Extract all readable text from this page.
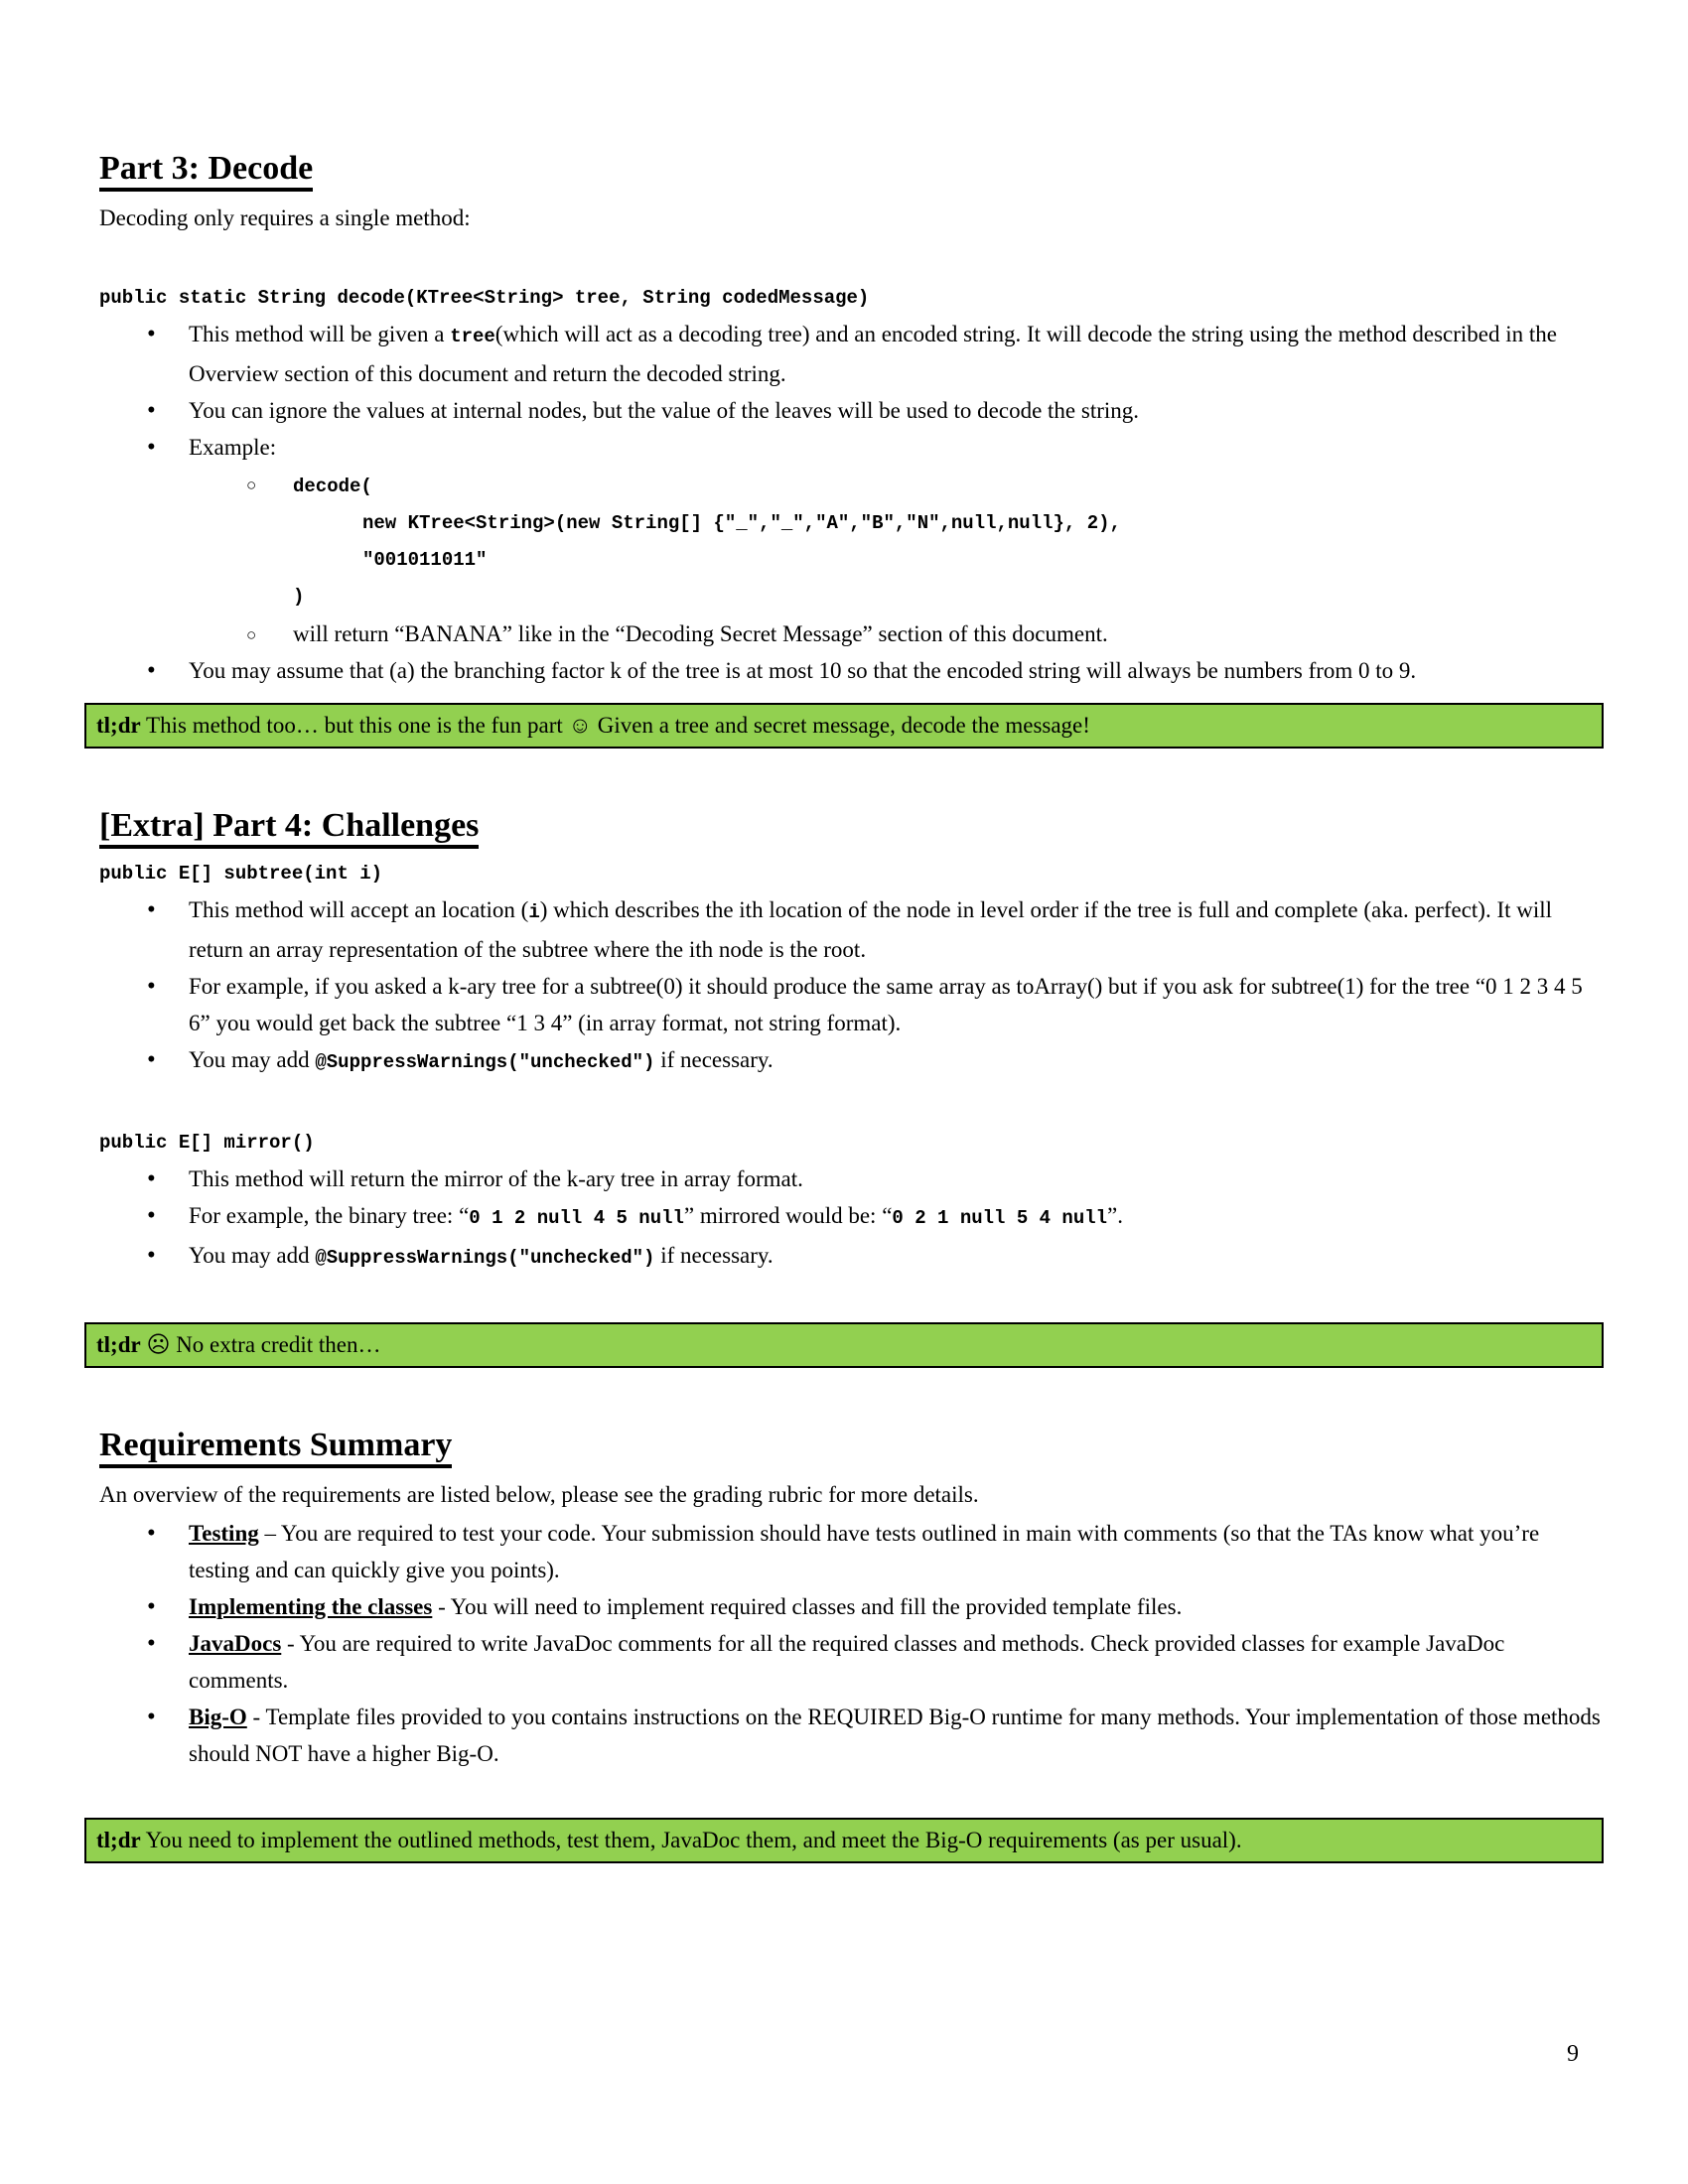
Part 3: Decode

Decoding only requires a single method:

public static String decode(KTree<String> tree, String codedMessage)
• This method will be given a tree(which will act as a decoding tree) and an encoded string. It will decode the string using the method described in the Overview section of this document and return the decoded string.
• You can ignore the values at internal nodes, but the value of the leaves will be used to decode the string.
• Example:
○ decode(
new KTree<String>(new String[] {"_","_","A","B","N",null,null}, 2),
"001011011"
)
○ will return “BANANA” like in the “Decoding Secret Message” section of this document.
• You may assume that (a) the branching factor k of the tree is at most 10 so that the encoded string will always be numbers from 0 to 9.
tl;dr This method too… but this one is the fun part ☺ Given a tree and secret message, decode the message!
[Extra] Part 4: Challenges
public E[] subtree(int i)
• This method will accept an location (i) which describes the ith location of the node in level order if the tree is full and complete (aka. perfect). It will return an array representation of the subtree where the ith node is the root.
• For example, if you asked a k-ary tree for a subtree(0) it should produce the same array as toArray() but if you ask for subtree(1) for the tree “0 1 2 3 4 5 6” you would get back the subtree “1 3 4” (in array format, not string format).
• You may add @SuppressWarnings("unchecked") if necessary.
public E[] mirror()
• This method will return the mirror of the k-ary tree in array format.
• For example, the binary tree: “0 1 2 null 4 5 null” mirrored would be: “0 2 1 null 5 4 null”.
• You may add @SuppressWarnings("unchecked") if necessary.
tl;dr ☹ No extra credit then…
Requirements Summary

An overview of the requirements are listed below, please see the grading rubric for more details.

• Testing – You are required to test your code. Your submission should have tests outlined in main with comments (so that the TAs know what you’re testing and can quickly give you points).
• Implementing the classes - You will need to implement required classes and fill the provided template files.
• JavaDocs - You are required to write JavaDoc comments for all the required classes and methods. Check provided classes for example JavaDoc comments.
• Big-O - Template files provided to you contains instructions on the REQUIRED Big-O runtime for many methods. Your implementation of those methods should NOT have a higher Big-O.
tl;dr You need to implement the outlined methods, test them, JavaDoc them, and meet the Big-O requirements (as per usual).
9
